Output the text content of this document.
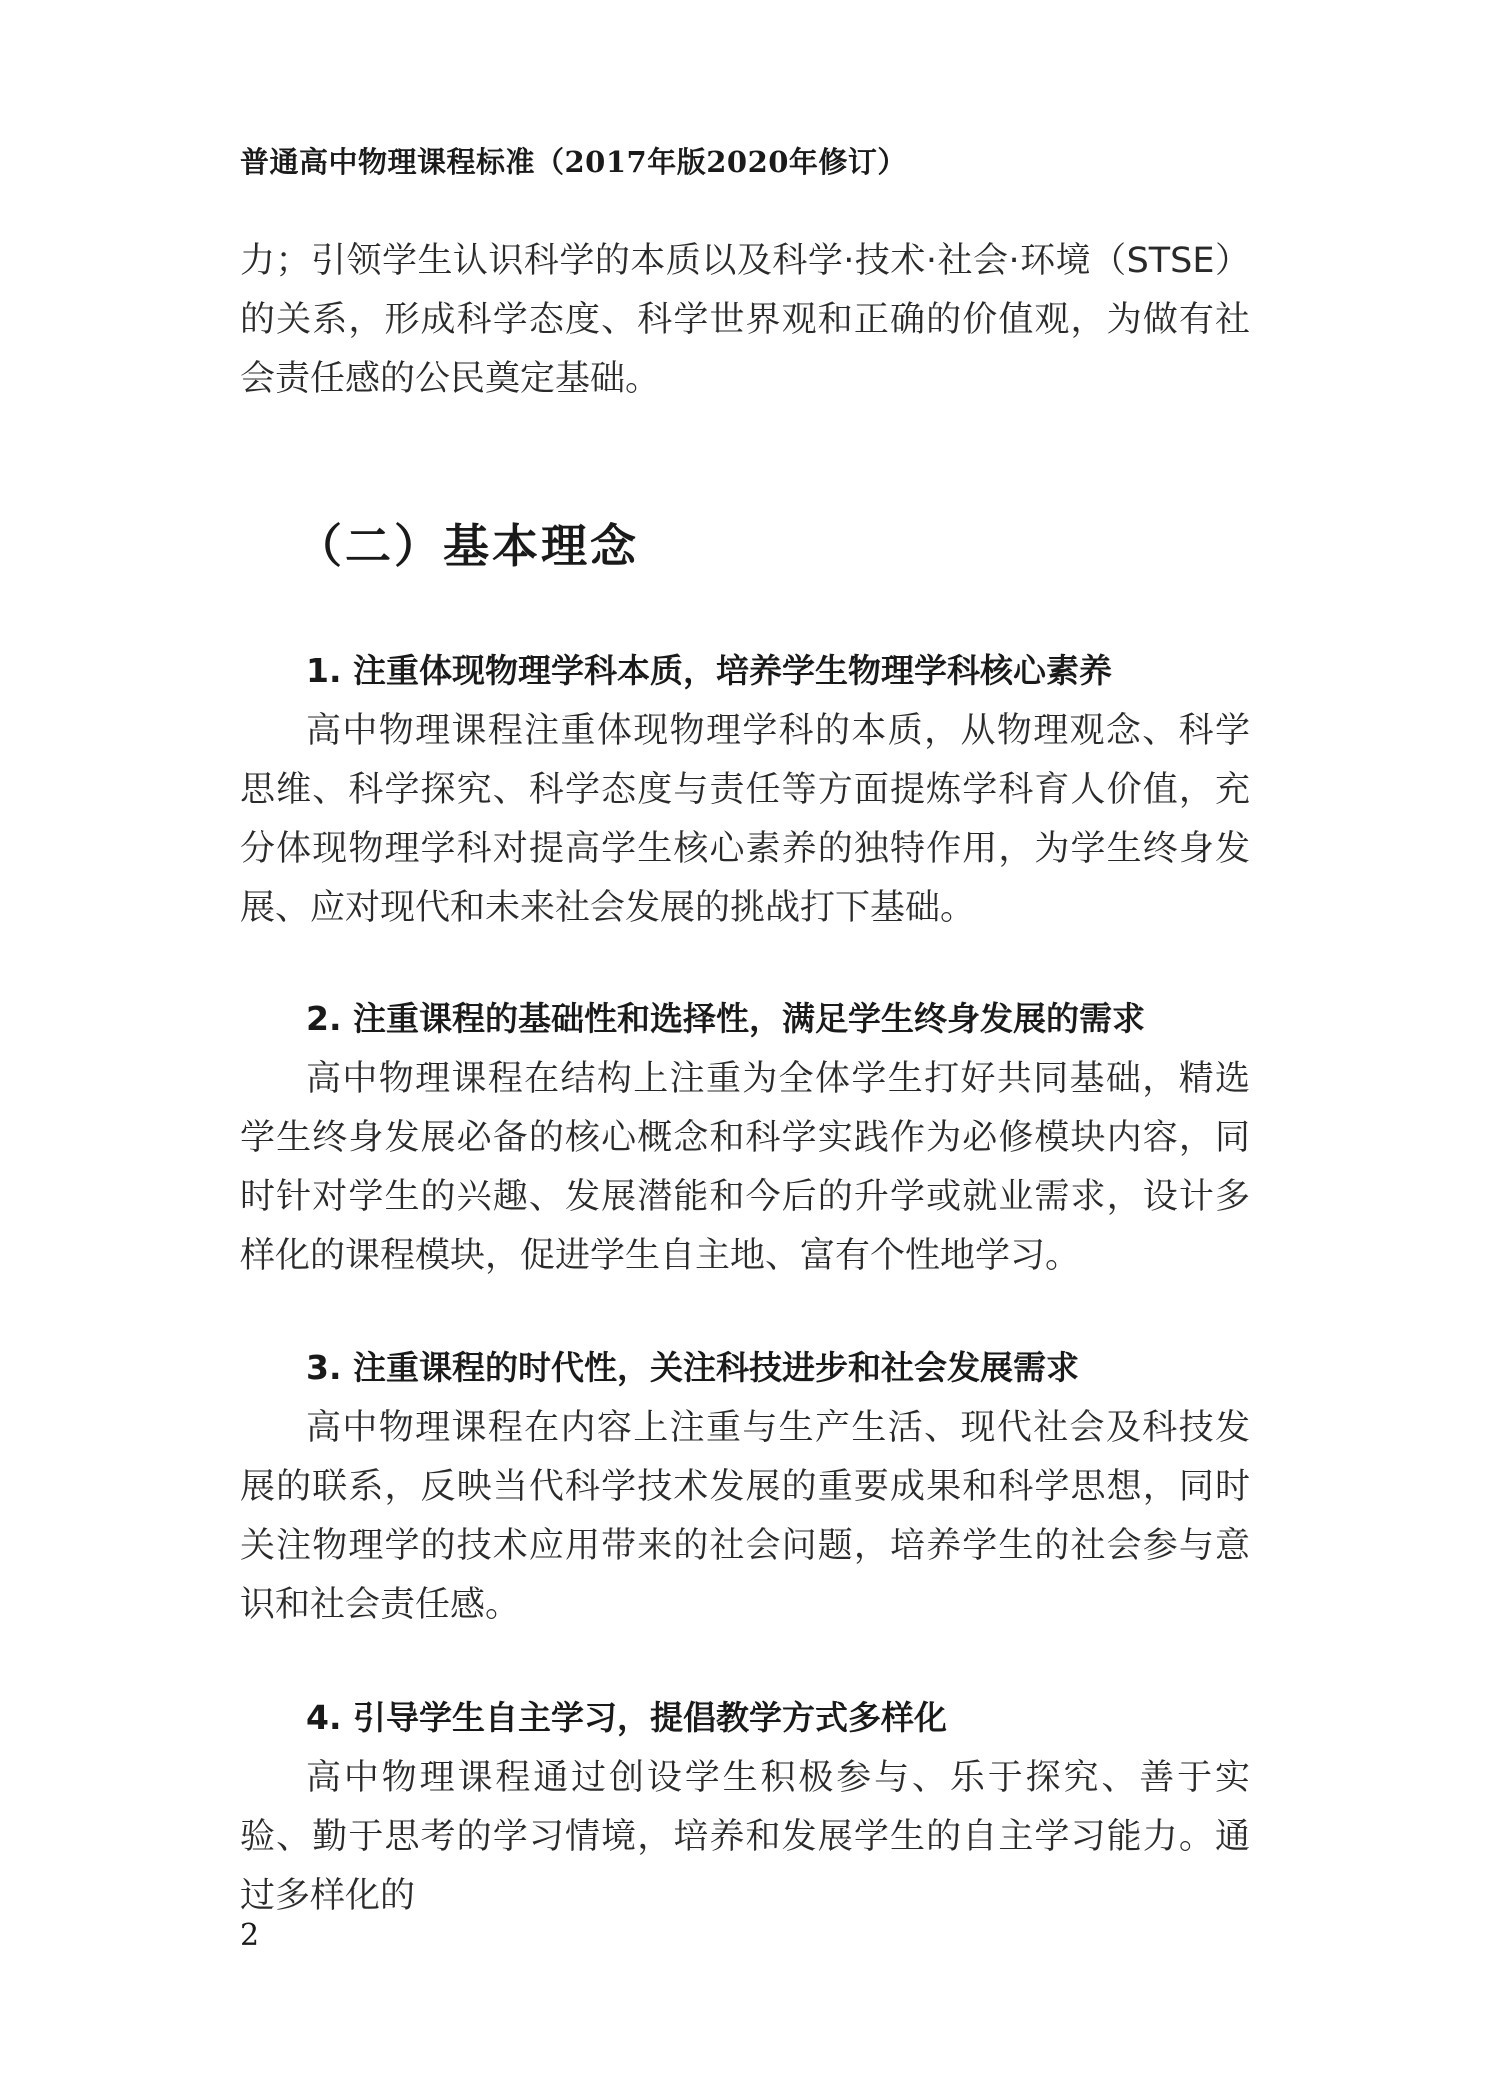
普通高中物理课程标准（2017年版2020年修订）
力；引领学生认识科学的本质以及科学·技术·社会·环境（STSE）的关系，形成科学态度、科学世界观和正确的价值观，为做有社会责任感的公民奠定基础。
（二）基本理念
1. 注重体现物理学科本质，培养学生物理学科核心素养
高中物理课程注重体现物理学科的本质，从物理观念、科学思维、科学探究、科学态度与责任等方面提炼学科育人价值，充分体现物理学科对提高学生核心素养的独特作用，为学生终身发展、应对现代和未来社会发展的挑战打下基础。
2. 注重课程的基础性和选择性，满足学生终身发展的需求
高中物理课程在结构上注重为全体学生打好共同基础，精选学生终身发展必备的核心概念和科学实践作为必修模块内容，同时针对学生的兴趣、发展潜能和今后的升学或就业需求，设计多样化的课程模块，促进学生自主地、富有个性地学习。
3. 注重课程的时代性，关注科技进步和社会发展需求
高中物理课程在内容上注重与生产生活、现代社会及科技发展的联系，反映当代科学技术发展的重要成果和科学思想，同时关注物理学的技术应用带来的社会问题，培养学生的社会参与意识和社会责任感。
4. 引导学生自主学习，提倡教学方式多样化
高中物理课程通过创设学生积极参与、乐于探究、善于实验、勤于思考的学习情境，培养和发展学生的自主学习能力。通过多样化的
2
